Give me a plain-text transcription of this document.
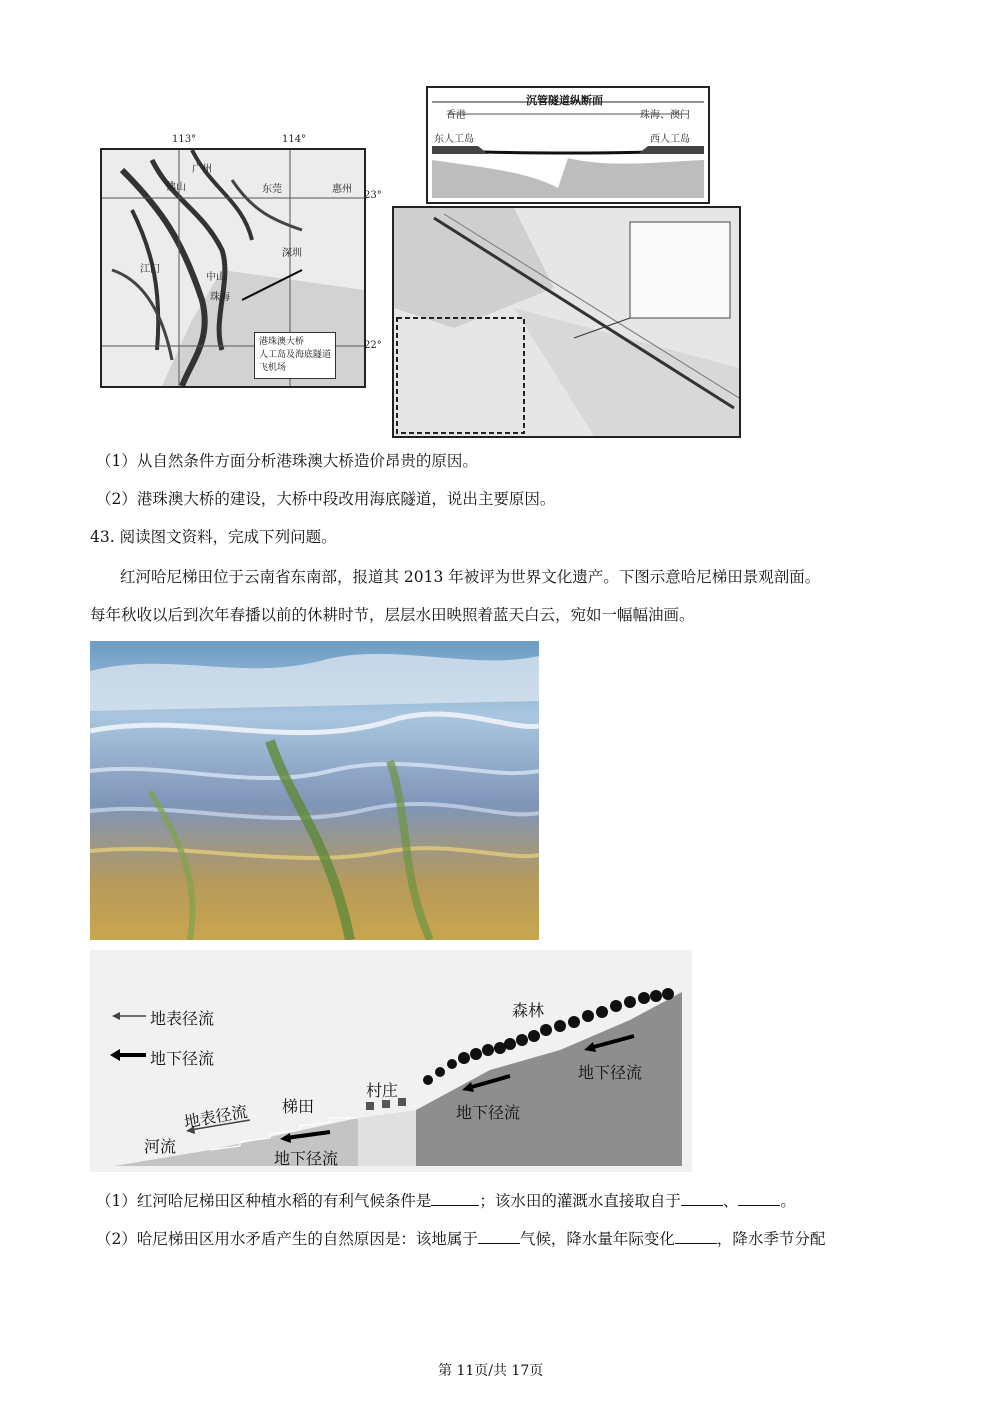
广州
佛山	东莞	惠州
深圳
江门
中山
珠海
港珠澳大桥
人工岛及海底隧道
飞机场
113°	114°
23°
22°
沉管隧道纵断面
香港	珠海、澳门
东人工岛	西人工岛
（1）从自然条件方面分析港珠澳大桥造价昂贵的原因。
（2）港珠澳大桥的建设，大桥中段改用海底隧道，说出主要原因。
43. 阅读图文资料，完成下列问题。
红河哈尼梯田位于云南省东南部，报道其 2013 年被评为世界文化遗产。下图示意哈尼梯田景观剖面。
每年秋收以后到次年春播以前的休耕时节，层层水田映照着蓝天白云，宛如一幅幅油画。
地表径流
地下径流
森林
村庄
梯田
河流
地表径流
地下径流
地下径流
地下径流
（1）红河哈尼梯田区种植水稻的有利气候条件是	；该水田的灌溉水直接取自于	、	。
（2）哈尼梯田区用水矛盾产生的自然原因是：该地属于	气候，降水量年际变化	，降水季节分配
第 11页/共 17页
